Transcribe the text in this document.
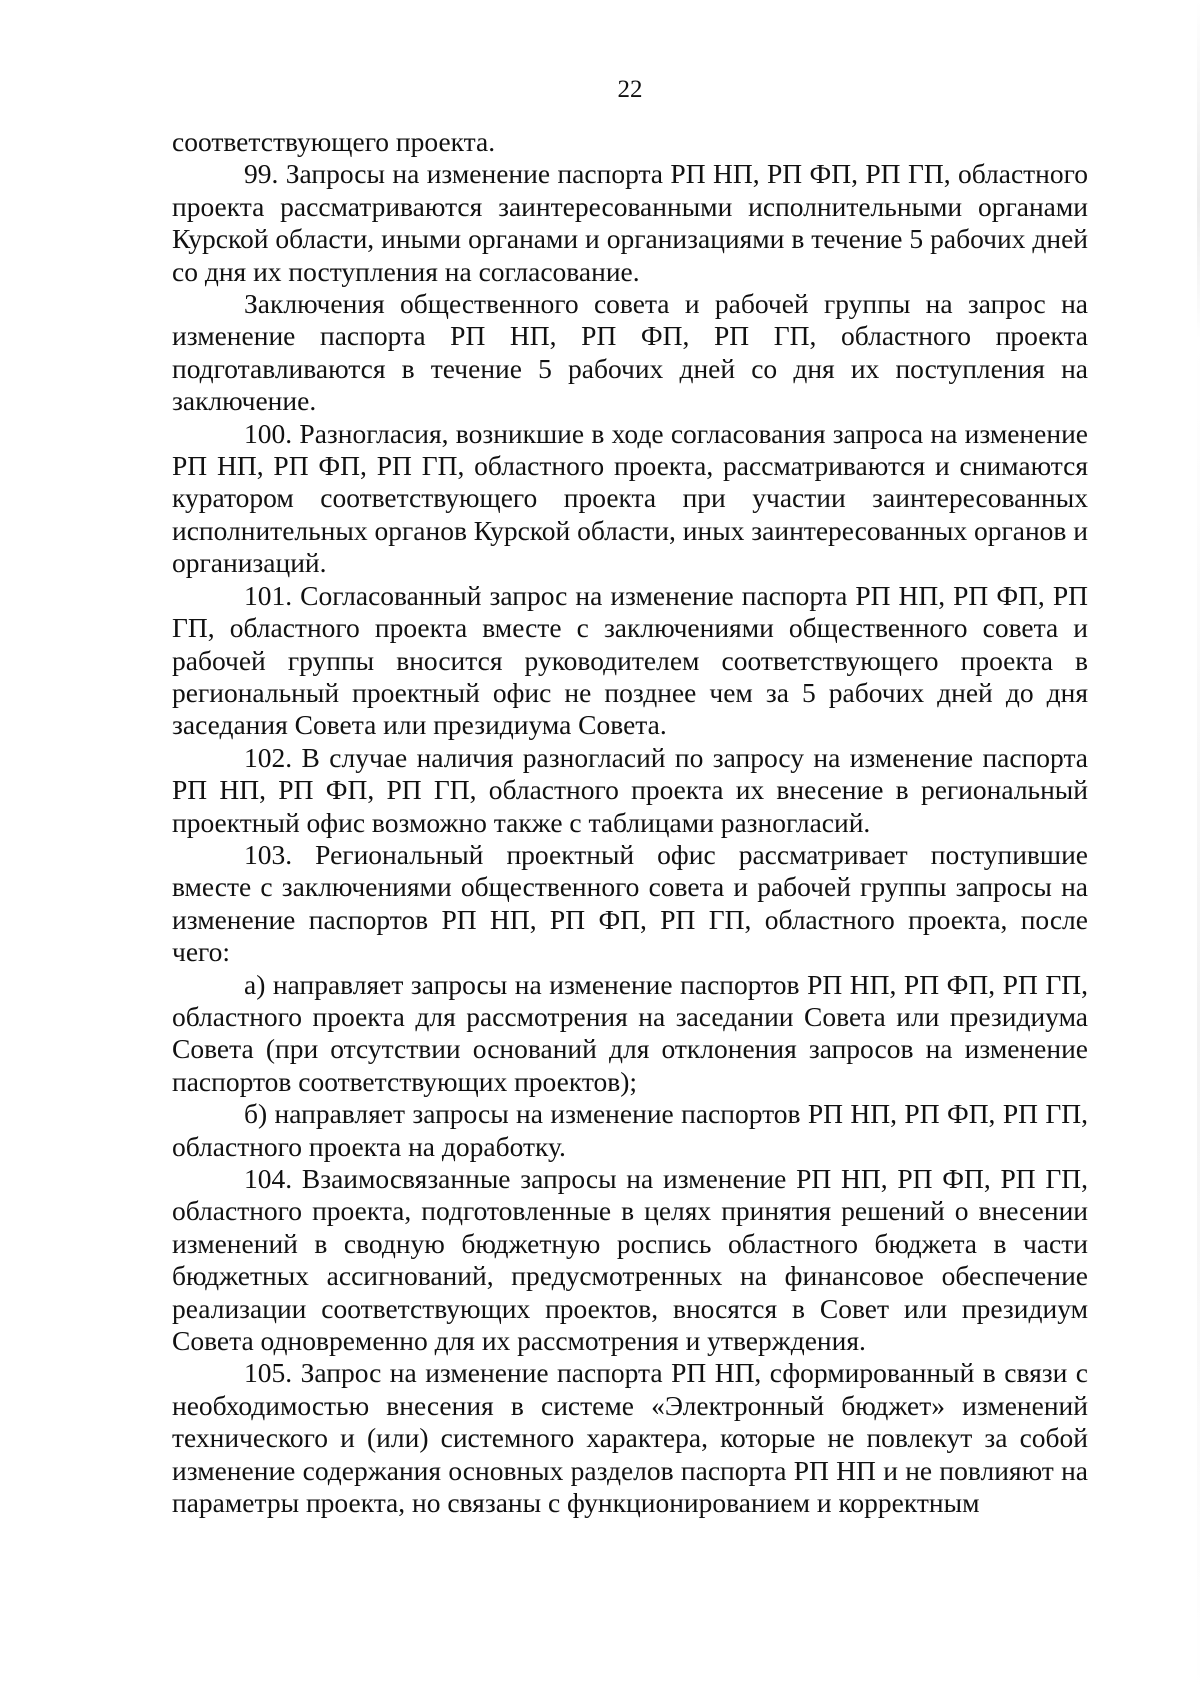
22

соответствующего проекта.

99. Запросы на изменение паспорта РП НП, РП ФП, РП ГП, областного проекта рассматриваются заинтересованными исполнительными органами Курской области, иными органами и организациями в течение 5 рабочих дней со дня их поступления на согласование.

Заключения общественного совета и рабочей группы на запрос на изменение паспорта РП НП, РП ФП, РП ГП, областного проекта подготавливаются в течение 5 рабочих дней со дня их поступления на заключение.

100. Разногласия, возникшие в ходе согласования запроса на изменение РП НП, РП ФП, РП ГП, областного проекта, рассматриваются и снимаются куратором соответствующего проекта при участии заинтересованных исполнительных органов Курской области, иных заинтересованных органов и организаций.

101. Согласованный запрос на изменение паспорта РП НП, РП ФП, РП ГП, областного проекта вместе с заключениями общественного совета и рабочей группы вносится руководителем соответствующего проекта в региональный проектный офис не позднее чем за 5 рабочих дней до дня заседания Совета или президиума Совета.

102. В случае наличия разногласий по запросу на изменение паспорта РП НП, РП ФП, РП ГП, областного проекта их внесение в региональный проектный офис возможно также с таблицами разногласий.

103. Региональный проектный офис рассматривает поступившие вместе с заключениями общественного совета и рабочей группы запросы на изменение паспортов РП НП, РП ФП, РП ГП, областного проекта, после чего:

а) направляет запросы на изменение паспортов РП НП, РП ФП, РП ГП, областного проекта для рассмотрения на заседании Совета или президиума Совета (при отсутствии оснований для отклонения запросов на изменение паспортов соответствующих проектов);

б) направляет запросы на изменение паспортов РП НП, РП ФП, РП ГП, областного проекта на доработку.

104. Взаимосвязанные запросы на изменение РП НП, РП ФП, РП ГП, областного проекта, подготовленные в целях принятия решений о внесении изменений в сводную бюджетную роспись областного бюджета в части бюджетных ассигнований, предусмотренных на финансовое обеспечение реализации соответствующих проектов, вносятся в Совет или президиум Совета одновременно для их рассмотрения и утверждения.

105. Запрос на изменение паспорта РП НП, сформированный в связи с необходимостью внесения в системе «Электронный бюджет» изменений технического и (или) системного характера, которые не повлекут за собой изменение содержания основных разделов паспорта РП НП и не повлияют на параметры проекта, но связаны с функционированием и корректным
